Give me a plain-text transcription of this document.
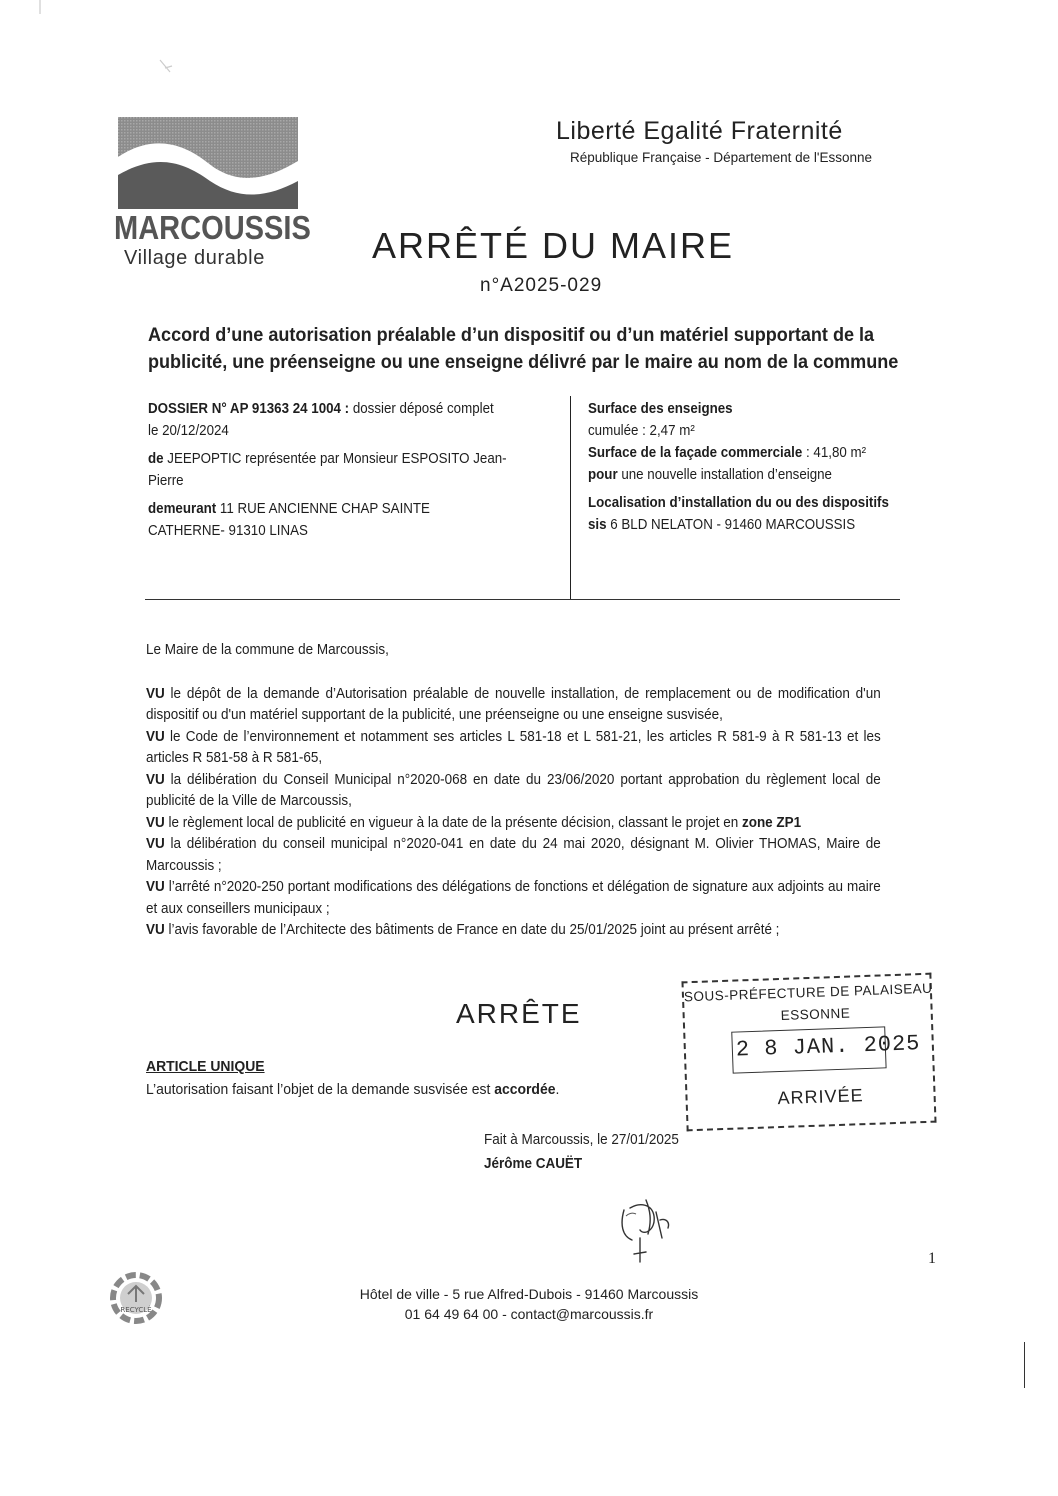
MARCOUSSIS
Village durable
Liberté Egalité Fraternité
République Française - Département de l'Essonne
ARRÊTÉ DU MAIRE
n°A2025-029
Accord d’une autorisation préalable d’un dispositif ou d’un matériel supportant de la publicité, une préenseigne ou une enseigne délivré par le maire au nom de la commune

DOSSIER N° AP 91363 24 1004 : dossier déposé complet le 20/12/2024

de JEEPOPTIC représentée par Monsieur ESPOSITO Jean-Pierre

demeurant 11 RUE ANCIENNE CHAP SAINTE CATHERNE- 91310 LINAS

Surface des enseignes

cumulée : 2,47 m²

Surface de la façade commerciale : 41,80 m²

pour une nouvelle installation d’enseigne

Localisation d’installation du ou des dispositifs sis 6 BLD NELATON - 91460 MARCOUSSIS

Le Maire de la commune de Marcoussis,

VU le dépôt de la demande d’Autorisation préalable de nouvelle installation, de remplacement ou de modification d'un dispositif ou d'un matériel supportant de la publicité, une préenseigne ou une enseigne susvisée,

VU le Code de l’environnement et notamment ses articles L 581-18 et L 581-21, les articles R 581-9 à R 581-13 et les articles R 581-58 à R 581-65,

VU la délibération du Conseil Municipal n°2020-068 en date du 23/06/2020 portant approbation du règlement local de publicité de la Ville de Marcoussis,

VU le règlement local de publicité en vigueur à la date de la présente décision, classant le projet en zone ZP1

VU la délibération du conseil municipal n°2020-041 en date du 24 mai 2020, désignant M. Olivier THOMAS, Maire de Marcoussis ;

VU l’arrêté n°2020-250 portant modifications des délégations de fonctions et délégation de signature aux adjoints au maire et aux conseillers municipaux ;

VU l’avis favorable de l’Architecte des bâtiments de France en date du 25/01/2025 joint au présent arrêté ;

ARRÊTE
ARTICLE UNIQUE
L’autorisation faisant l’objet de la demande susvisée est accordée.
SOUS-PRÉFECTURE DE PALAISEAU
ESSONNE
2 8 JAN. 2025
ARRIVÉE
Fait à Marcoussis, le 27/01/2025
Jérôme CAUËT
1
RECYCLÉ
Hôtel de ville - 5 rue Alfred-Dubois - 91460 Marcoussis
01 64 49 64 00 - contact@marcoussis.fr
